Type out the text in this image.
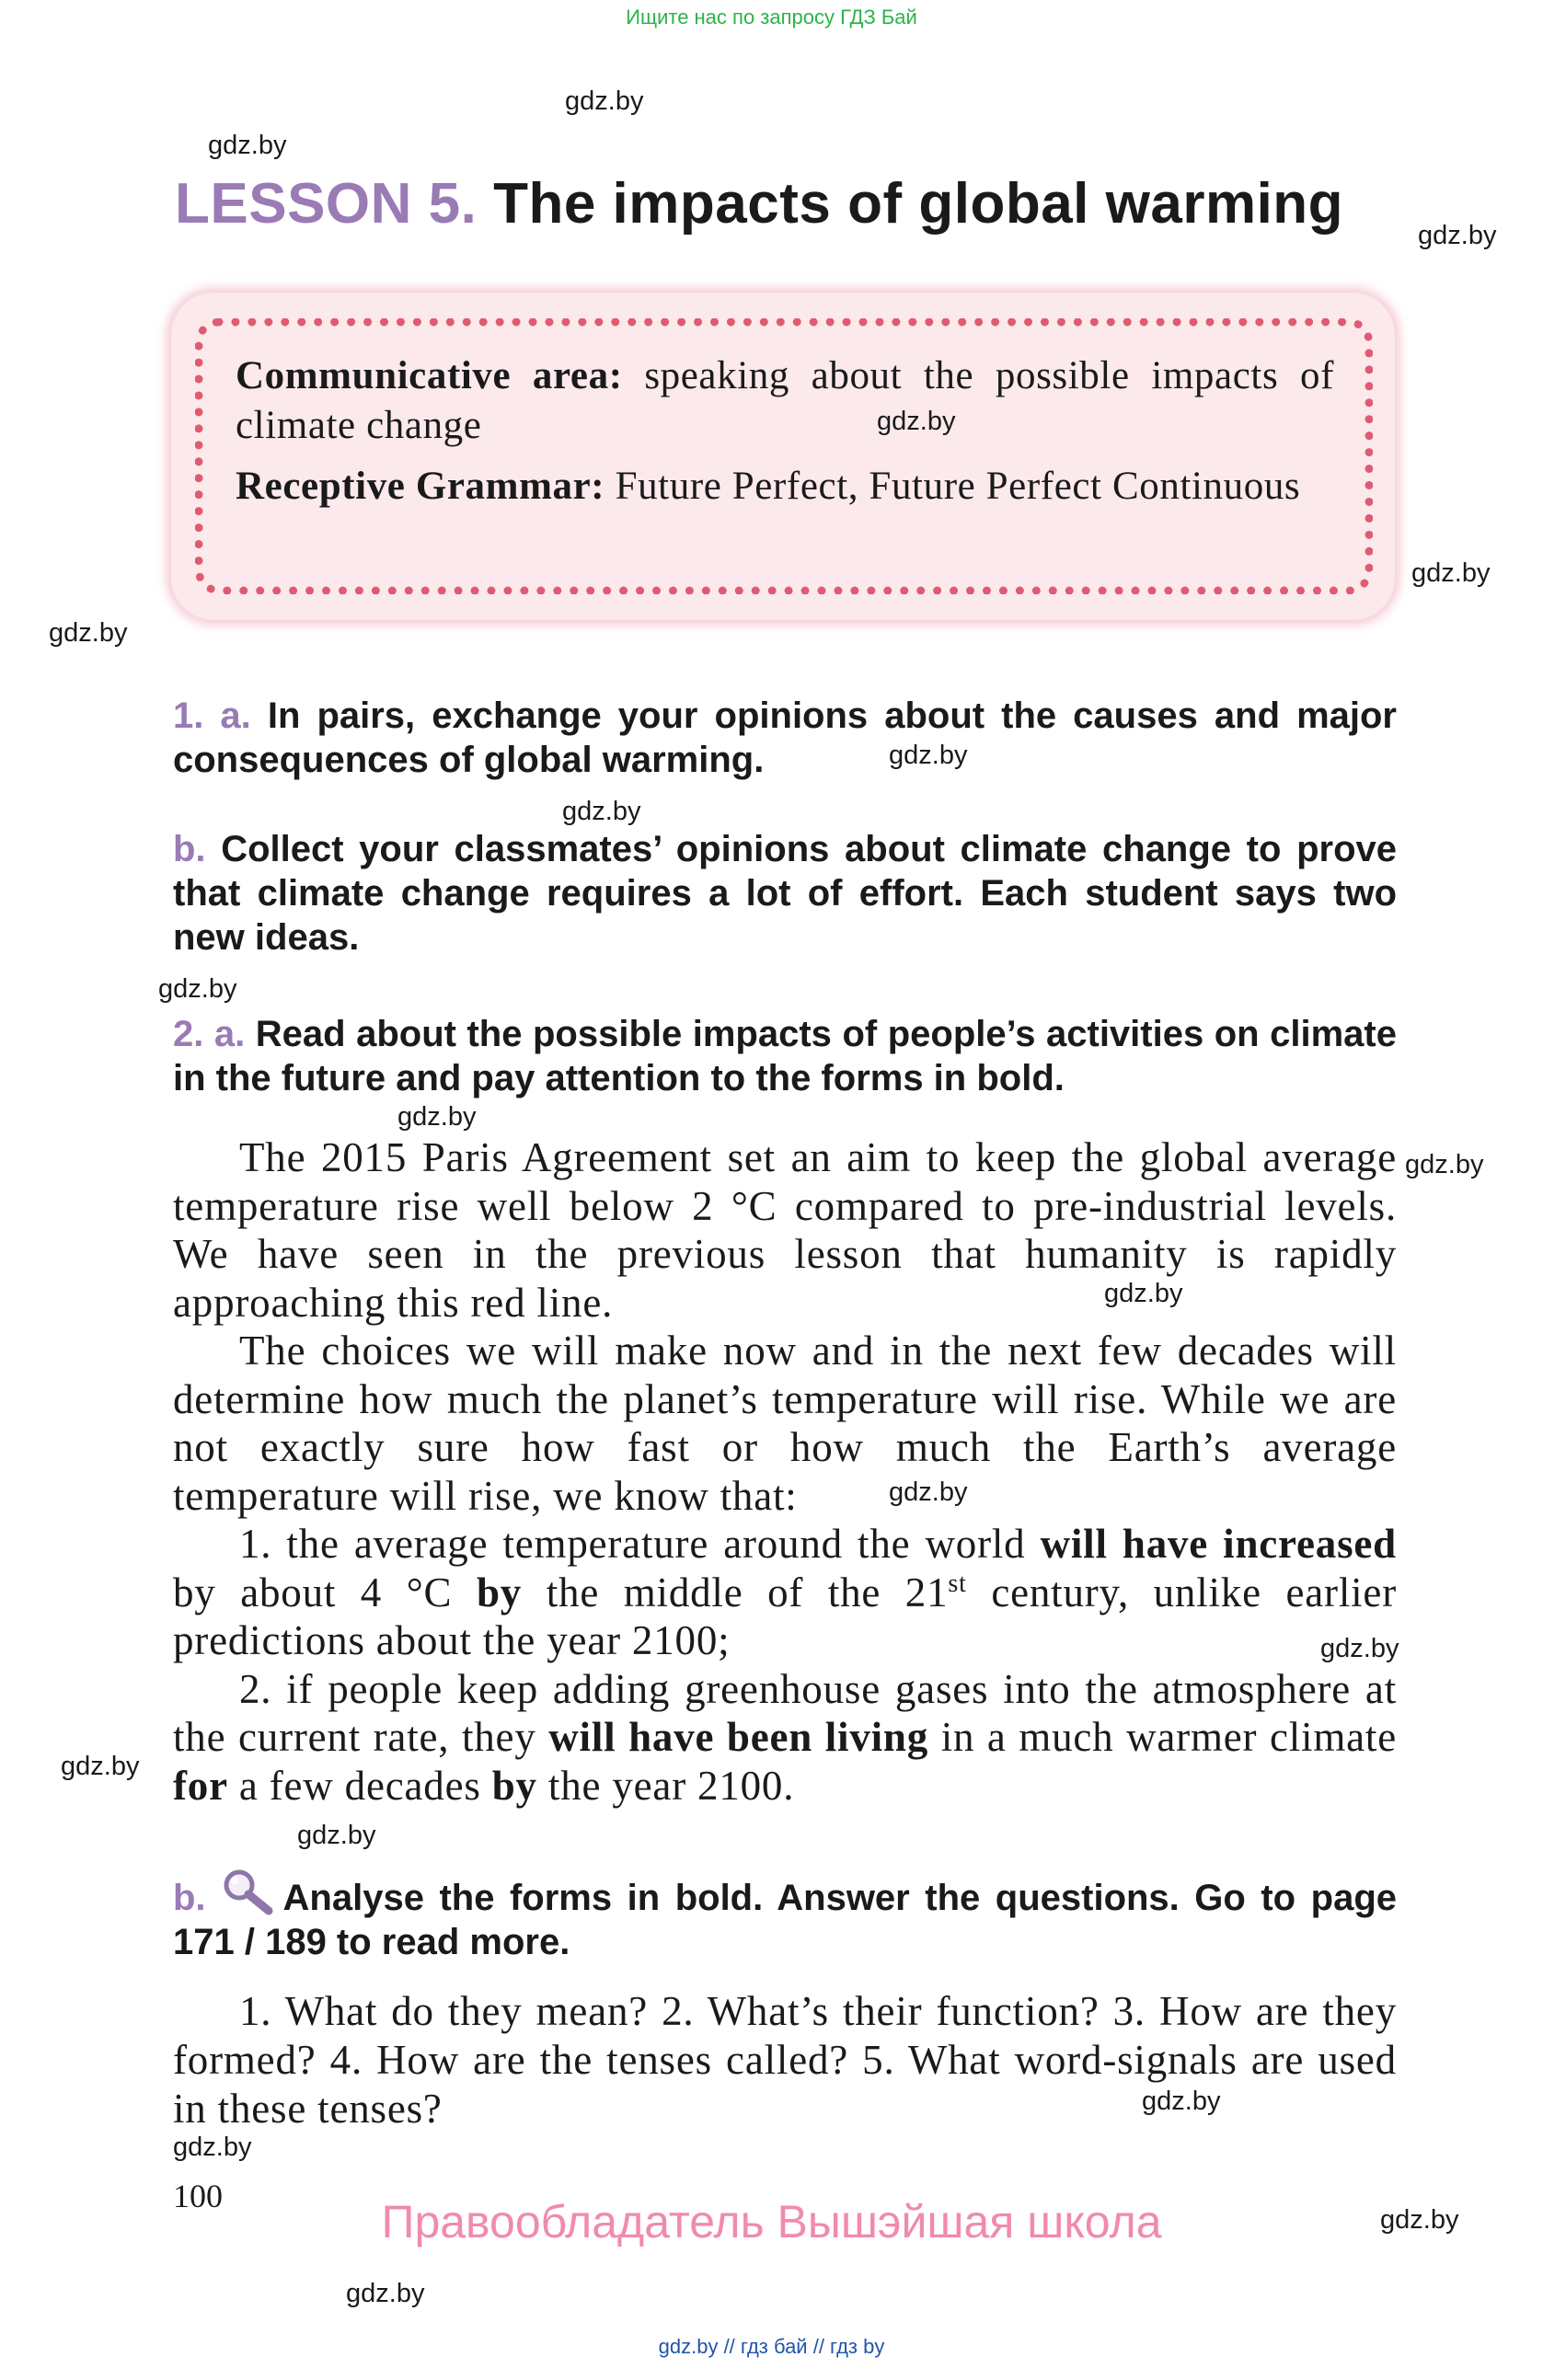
Ищите нас по запросу ГДЗ Бай
LESSON 5. The impacts of global warming

Communicative area: speaking about the possible impacts of climate change

Receptive Grammar: Future Perfect, Future Perfect Continuous

1. a. In pairs, exchange your opinions about the causes and major consequences of global warming.
b. Collect your classmates’ opinions about climate change to prove that climate change requires a lot of effort. Each student says two new ideas.
2. a. Read about the possible impacts of people’s activities on climate in the future and pay attention to the forms in bold.

The 2015 Paris Agreement set an aim to keep the global average temperature rise well below 2 °C compared to pre-industrial levels. We have seen in the previous lesson that humanity is rapidly approaching this red line.

The choices we will make now and in the next few decades will determine how much the planet’s temperature will rise. While we are not exactly sure how fast or how much the Earth’s average temperature will rise, we know that:

1. the average temperature around the world will have increased by about 4 °C by the middle of the 21st century, unlike earlier predictions about the year 2100;

2. if people keep adding greenhouse gases into the atmosphere at the current rate, they will have been living in a much warmer climate for a few decades by the year 2100.

b. Analyse the forms in bold. Answer the questions. Go to page 171 / 189 to read more.

1. What do they mean? 2. What’s their function? 3. How are they formed? 4. How are the tenses called? 5. What word-signals are used in these tenses?

100	Правообладатель Вышэйшая школа
gdz.by // гдз бай // гдз by
gdz.by
gdz.by
gdz.by
gdz.by
gdz.by
gdz.by
gdz.by
gdz.by
gdz.by
gdz.by
gdz.by
gdz.by
gdz.by
gdz.by
gdz.by
gdz.by
gdz.by
gdz.by
gdz.by
gdz.by
